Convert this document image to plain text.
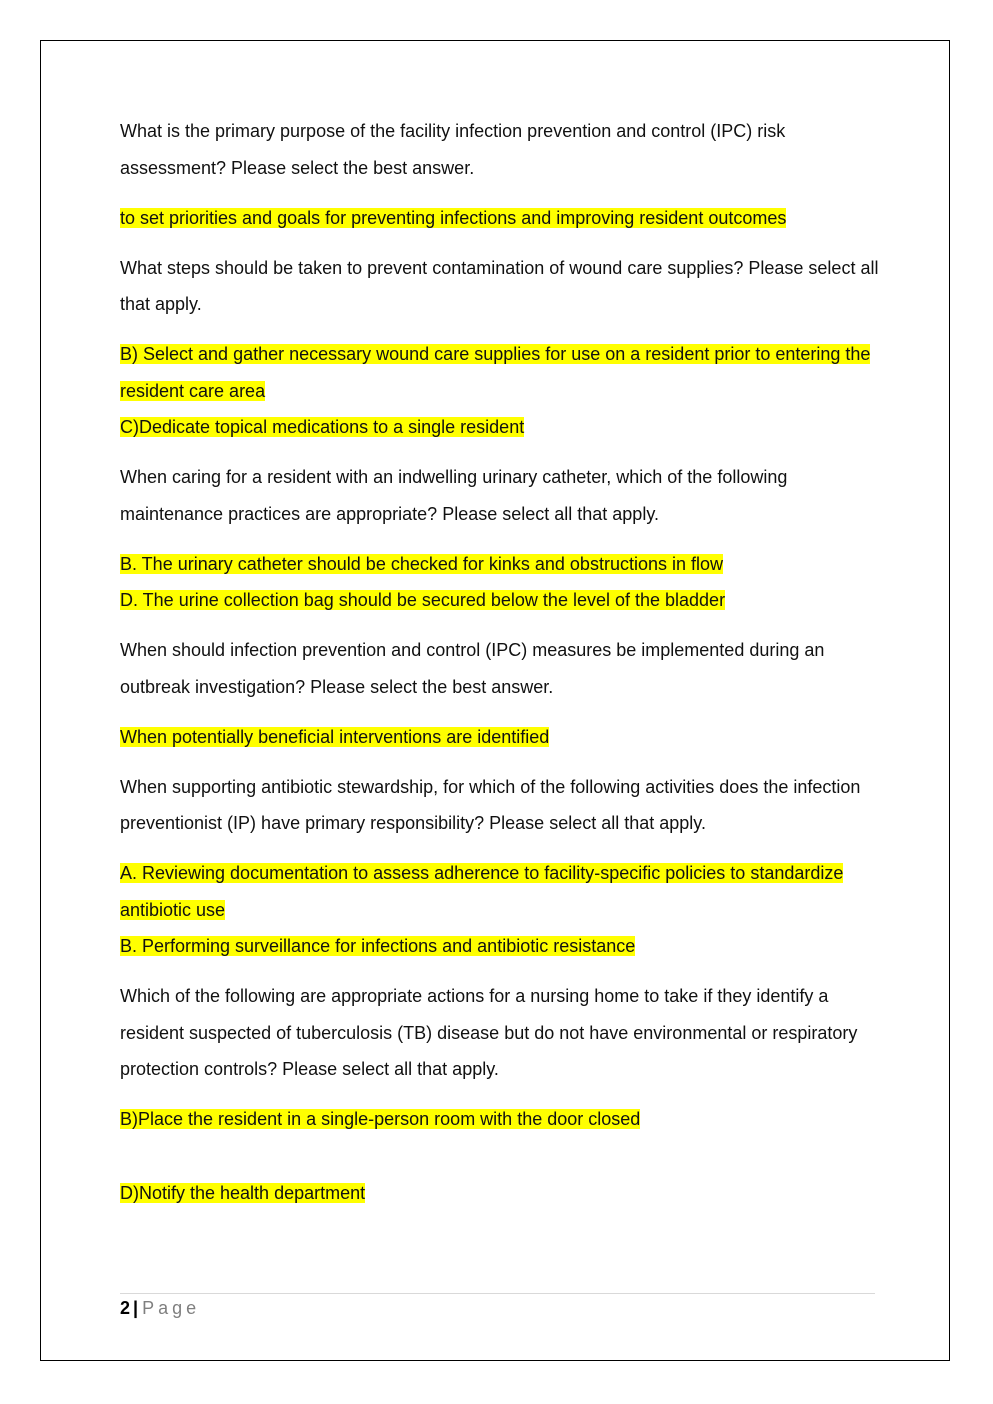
What is the primary purpose of the facility infection prevention and control (IPC) risk assessment? Please select the best answer.

to set priorities and goals for preventing infections and improving resident outcomes

What steps should be taken to prevent contamination of wound care supplies? Please select all that apply.

B) Select and gather necessary wound care supplies for use on a resident prior to entering the resident care area
C)Dedicate topical medications to a single resident

When caring for a resident with an indwelling urinary catheter, which of the following maintenance practices are appropriate? Please select all that apply.

B. The urinary catheter should be checked for kinks and obstructions in flow
D. The urine collection bag should be secured below the level of the bladder

When should infection prevention and control (IPC) measures be implemented during an outbreak investigation? Please select the best answer.

When potentially beneficial interventions are identified

When supporting antibiotic stewardship, for which of the following activities does the infection preventionist (IP) have primary responsibility? Please select all that apply.

A. Reviewing documentation to assess adherence to facility-specific policies to standardize antibiotic use
B. Performing surveillance for infections and antibiotic resistance

Which of the following are appropriate actions for a nursing home to take if they identify a resident suspected of tuberculosis (TB) disease but do not have environmental or respiratory protection controls? Please select all that apply.

B)Place the resident in a single-person room with the door closed
D)Notify the health department
2 | Page
